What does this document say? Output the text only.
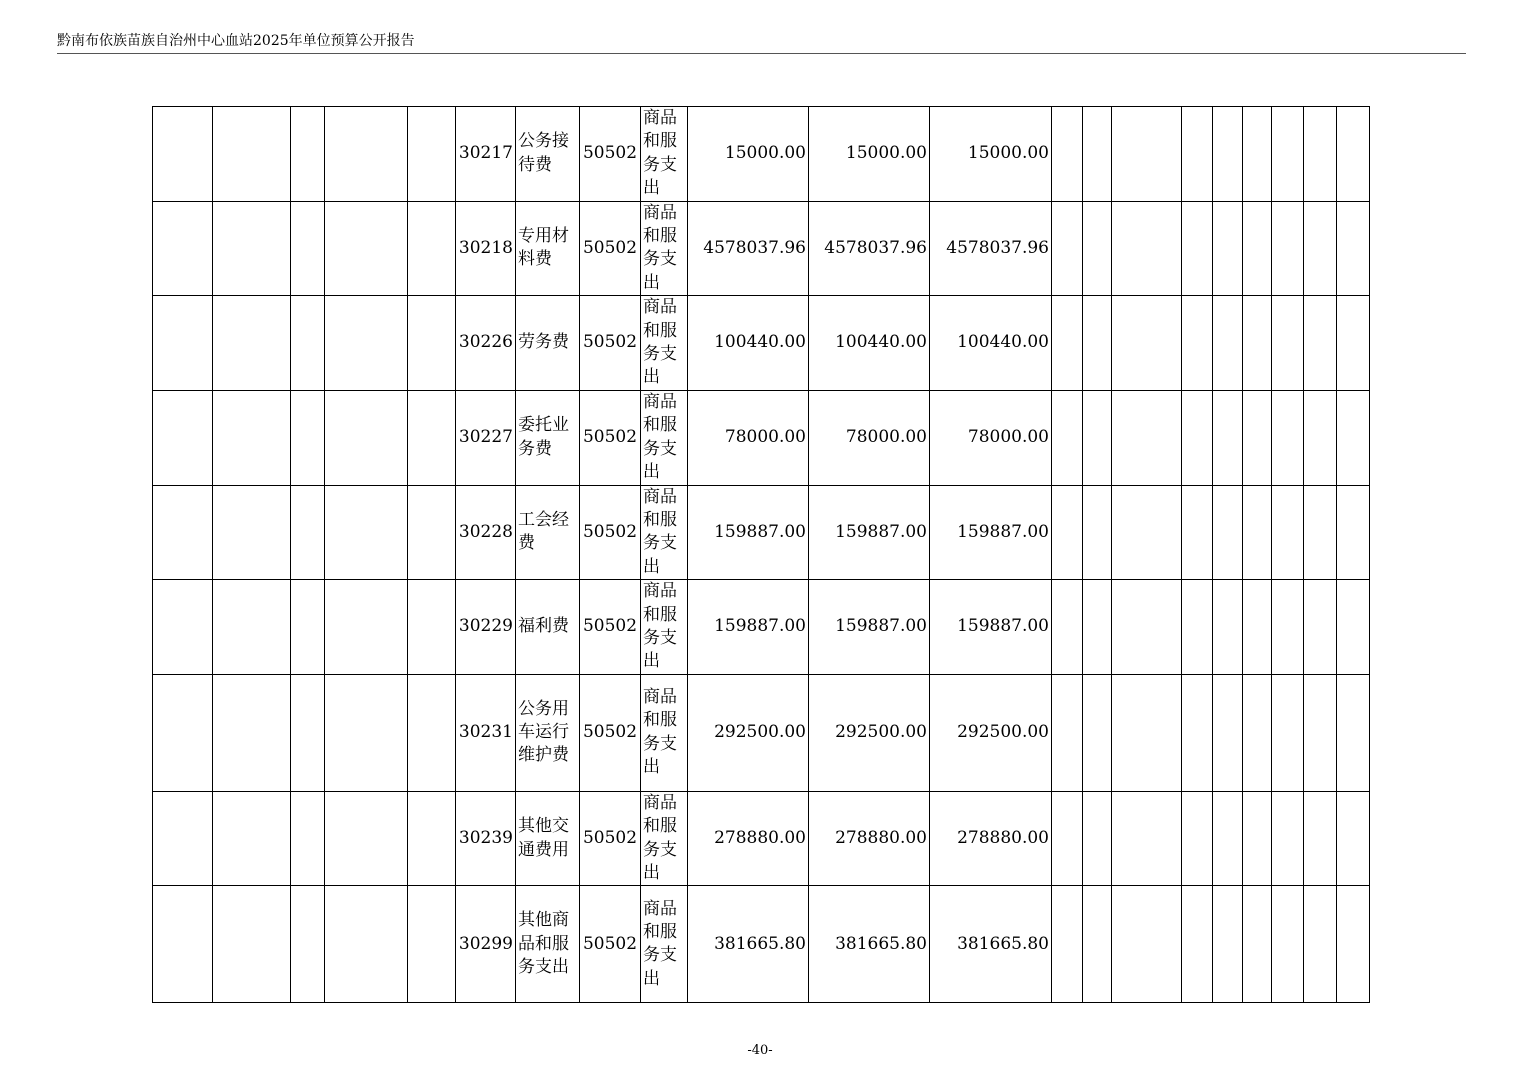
黔南布依族苗族自治州中心血站2025年单位预算公开报告
					30217	公务接待费	50502	商品和服务支出	15000.00	15000.00	15000.00									
					30218	专用材料费	50502	商品和服务支出	4578037.96	4578037.96	4578037.96									
					30226	劳务费	50502	商品和服务支出	100440.00	100440.00	100440.00									
					30227	委托业务费	50502	商品和服务支出	78000.00	78000.00	78000.00									
					30228	工会经费	50502	商品和服务支出	159887.00	159887.00	159887.00									
					30229	福利费	50502	商品和服务支出	159887.00	159887.00	159887.00									
					30231	公务用车运行维护费	50502	商品和服务支出	292500.00	292500.00	292500.00									
					30239	其他交通费用	50502	商品和服务支出	278880.00	278880.00	278880.00									
					30299	其他商品和服务支出	50502	商品和服务支出	381665.80	381665.80	381665.80									
-40-
